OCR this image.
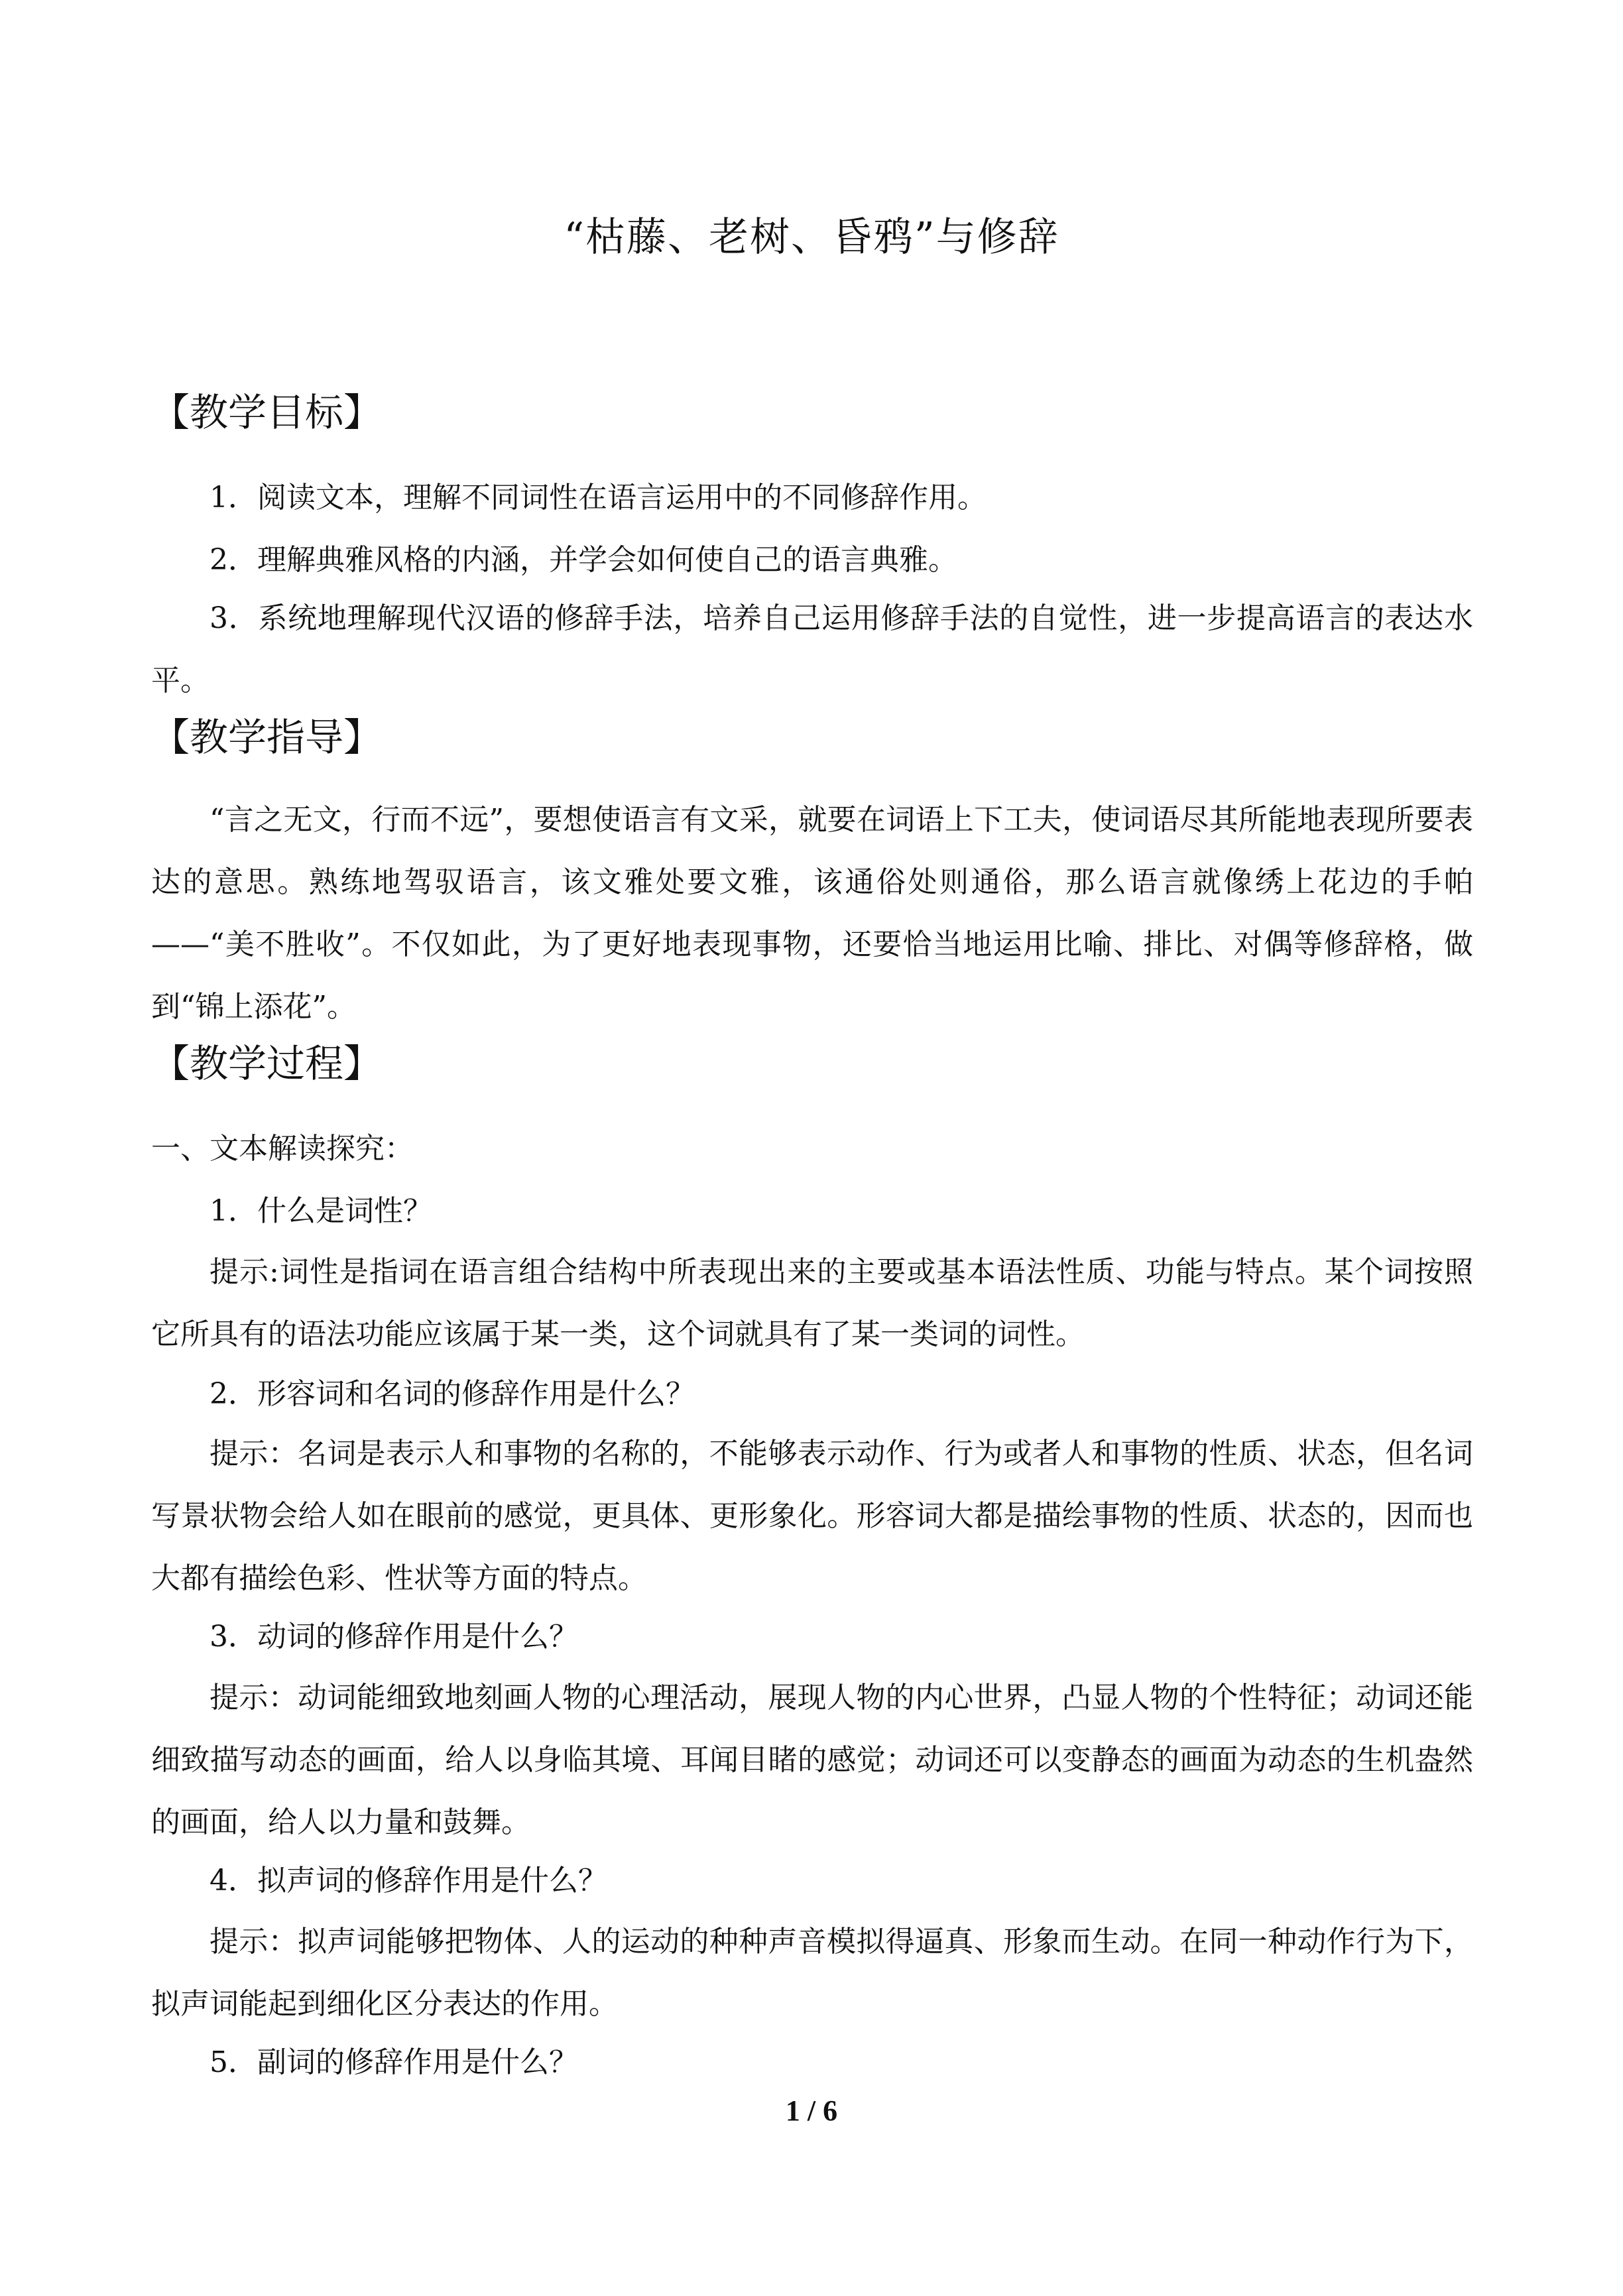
“枯藤、老树、昏鸦”与修辞
【教学目标】

1．阅读文本，理解不同词性在语言运用中的不同修辞作用。

2．理解典雅风格的内涵，并学会如何使自己的语言典雅。

3．系统地理解现代汉语的修辞手法，培养自己运用修辞手法的自觉性，进一步提高语言的表达水平。

【教学指导】

“言之无文，行而不远”，要想使语言有文采，就要在词语上下工夫，使词语尽其所能地表现所要表达的意思。熟练地驾驭语言，该文雅处要文雅，该通俗处则通俗，那么语言就像绣上花边的手帕——“美不胜收”。不仅如此，为了更好地表现事物，还要恰当地运用比喻、排比、对偶等修辞格，做到“锦上添花”。

【教学过程】

一、文本解读探究：

1．什么是词性？

提示:词性是指词在语言组合结构中所表现出来的主要或基本语法性质、功能与特点。某个词按照它所具有的语法功能应该属于某一类，这个词就具有了某一类词的词性。

2．形容词和名词的修辞作用是什么？

提示：名词是表示人和事物的名称的，不能够表示动作、行为或者人和事物的性质、状态，但名词写景状物会给人如在眼前的感觉，更具体、更形象化。形容词大都是描绘事物的性质、状态的，因而也大都有描绘色彩、性状等方面的特点。

3．动词的修辞作用是什么？

提示：动词能细致地刻画人物的心理活动，展现人物的内心世界，凸显人物的个性特征；动词还能细致描写动态的画面，给人以身临其境、耳闻目睹的感觉；动词还可以变静态的画面为动态的生机盎然的画面，给人以力量和鼓舞。

4．拟声词的修辞作用是什么？

提示：拟声词能够把物体、人的运动的种种声音模拟得逼真、形象而生动。在同一种动作行为下，拟声词能起到细化区分表达的作用。

5．副词的修辞作用是什么？

1 / 6
